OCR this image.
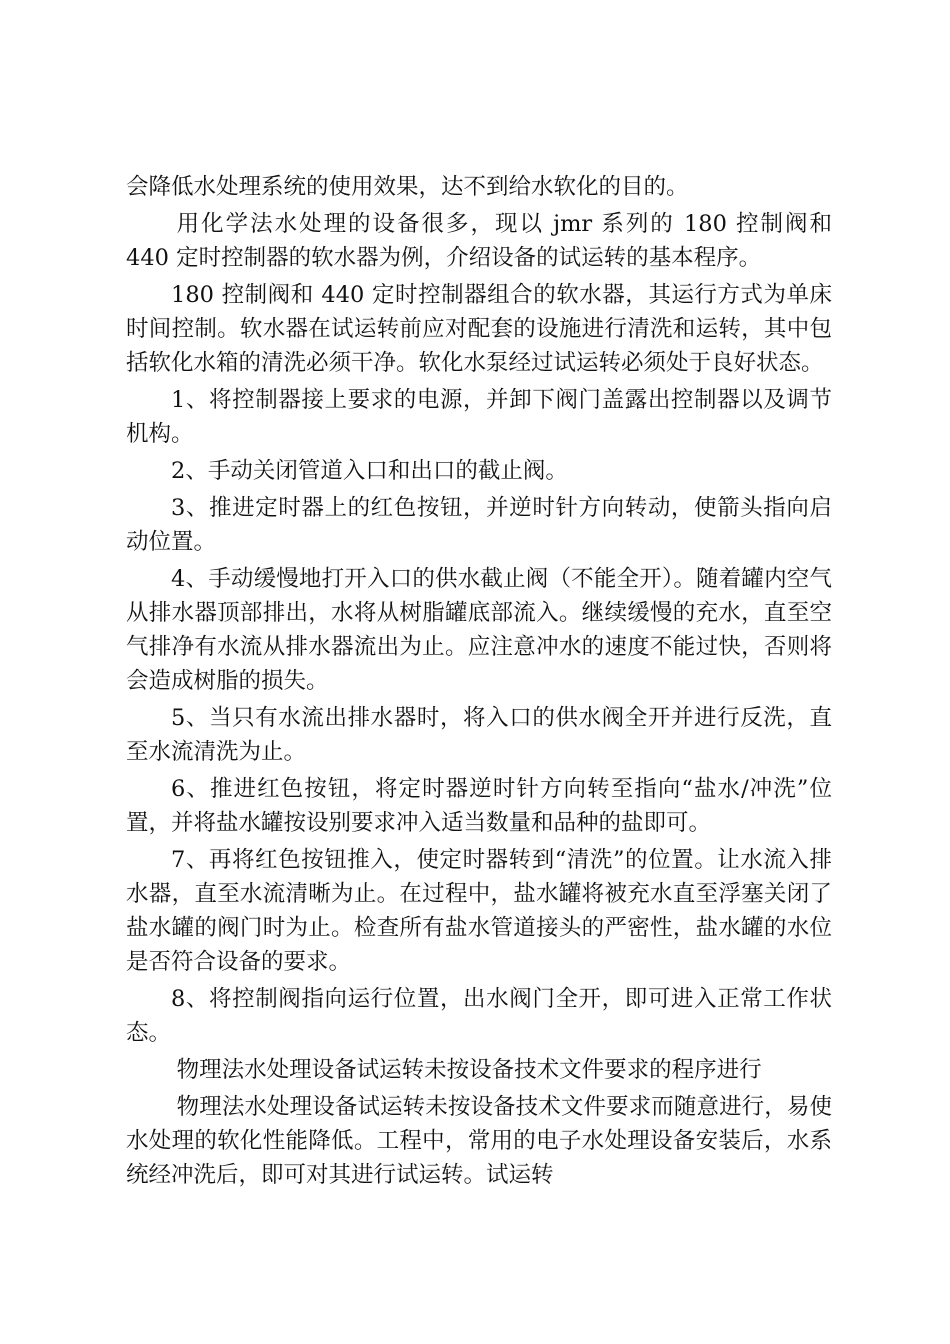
会降低水处理系统的使用效果，达不到给水软化的目的。

用化学法水处理的设备很多，现以 jmr 系列的 180 控制阀和 440 定时控制器的软水器为例，介绍设备的试运转的基本程序。

180 控制阀和 440 定时控制器组合的软水器，其运行方式为单床时间控制。软水器在试运转前应对配套的设施进行清洗和运转，其中包括软化水箱的清洗必须干净。软化水泵经过试运转必须处于良好状态。

1、将控制器接上要求的电源，并卸下阀门盖露出控制器以及调节机构。

2、手动关闭管道入口和出口的截止阀。

3、推进定时器上的红色按钮，并逆时针方向转动，使箭头指向启动位置。

4、手动缓慢地打开入口的供水截止阀（不能全开）。随着罐内空气从排水器顶部排出，水将从树脂罐底部流入。继续缓慢的充水，直至空气排净有水流从排水器流出为止。应注意冲水的速度不能过快，否则将会造成树脂的损失。

5、当只有水流出排水器时，将入口的供水阀全开并进行反洗，直至水流清洗为止。

6、推进红色按钮，将定时器逆时针方向转至指向“盐水/冲洗”位置，并将盐水罐按设别要求冲入适当数量和品种的盐即可。

7、再将红色按钮推入，使定时器转到“清洗”的位置。让水流入排水器，直至水流清晰为止。在过程中，盐水罐将被充水直至浮塞关闭了盐水罐的阀门时为止。检查所有盐水管道接头的严密性，盐水罐的水位是否符合设备的要求。

8、将控制阀指向运行位置，出水阀门全开，即可进入正常工作状态。

物理法水处理设备试运转未按设备技术文件要求的程序进行

物理法水处理设备试运转未按设备技术文件要求而随意进行，易使水处理的软化性能降低。工程中，常用的电子水处理设备安装后，水系统经冲洗后，即可对其进行试运转。试运转
